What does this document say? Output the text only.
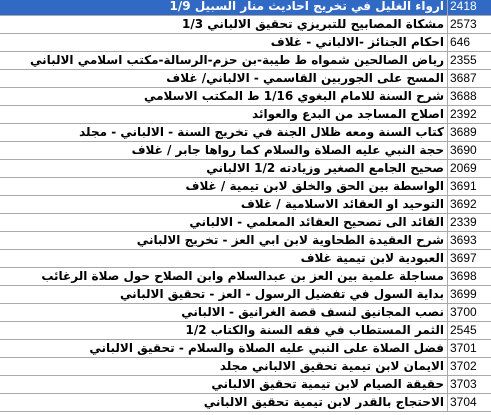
ارواء الغليل في تخريج احاديث منار السبيل 1/9 2418
مشكاة المصابيح للتبريزي تحقيق الالباني 1/3 2573
احكام الجنائز -الالباني - غلاف 646
رياض الصالحين شمواه ط طيبة-بن حزم-الرسالة-مكتب اسلامي الالباني 2355
المسح على الجوربين القاسمي - الالباني/ غلاف 3687
شرح السنة للامام البغوي 1/16 ط المكتب الاسلامي 3688
اصلاح المساجد من البدع والعوائد 2392
كتاب السنة ومعه ظلال الجنة في تخريج السنة - الالباني - مجلد 3689
حجة النبي عليه الصلاة والسلام كما رواها جابر / غلاف 3690
صحيح الجامع الصغير وزيادته 1/2 الالباني 2069
الواسطة بين الحق والخلق لابن تيمية / غلاف 3691
التوحيد او العقائد الاسلامية / غلاف 3692
القائد الى تصحيح العقائد المعلمي - الالباني 2339
شرح العقيدة الطحاوية لابن ابي العز - تخريج الالباني 3693
العبودية لابن تيمية غلاف 3697
مساجلة علمية بين العز بن عبدالسلام وابن الصلاح حول صلاة الرغائب 3698
بداية السول في تفضيل الرسول - العز - تحقيق الالباني 3699
نصب المجانيق لنسف قصة الغرانيق - الالباني 3700
الثمر المستطاب في فقه السنة والكتاب 1/2 2545
فضل الصلاة على النبي عليه الصلاة والسلام - تحقيق الالباني 3701
الايمان لابن تيمية تحقيق الالباني مجلد 3702
حقيقة الصيام لابن تيمية تحقيق الالباني 3703
الاحتجاج بالقدر لابن تيمية تحقيق الالباني 3704
